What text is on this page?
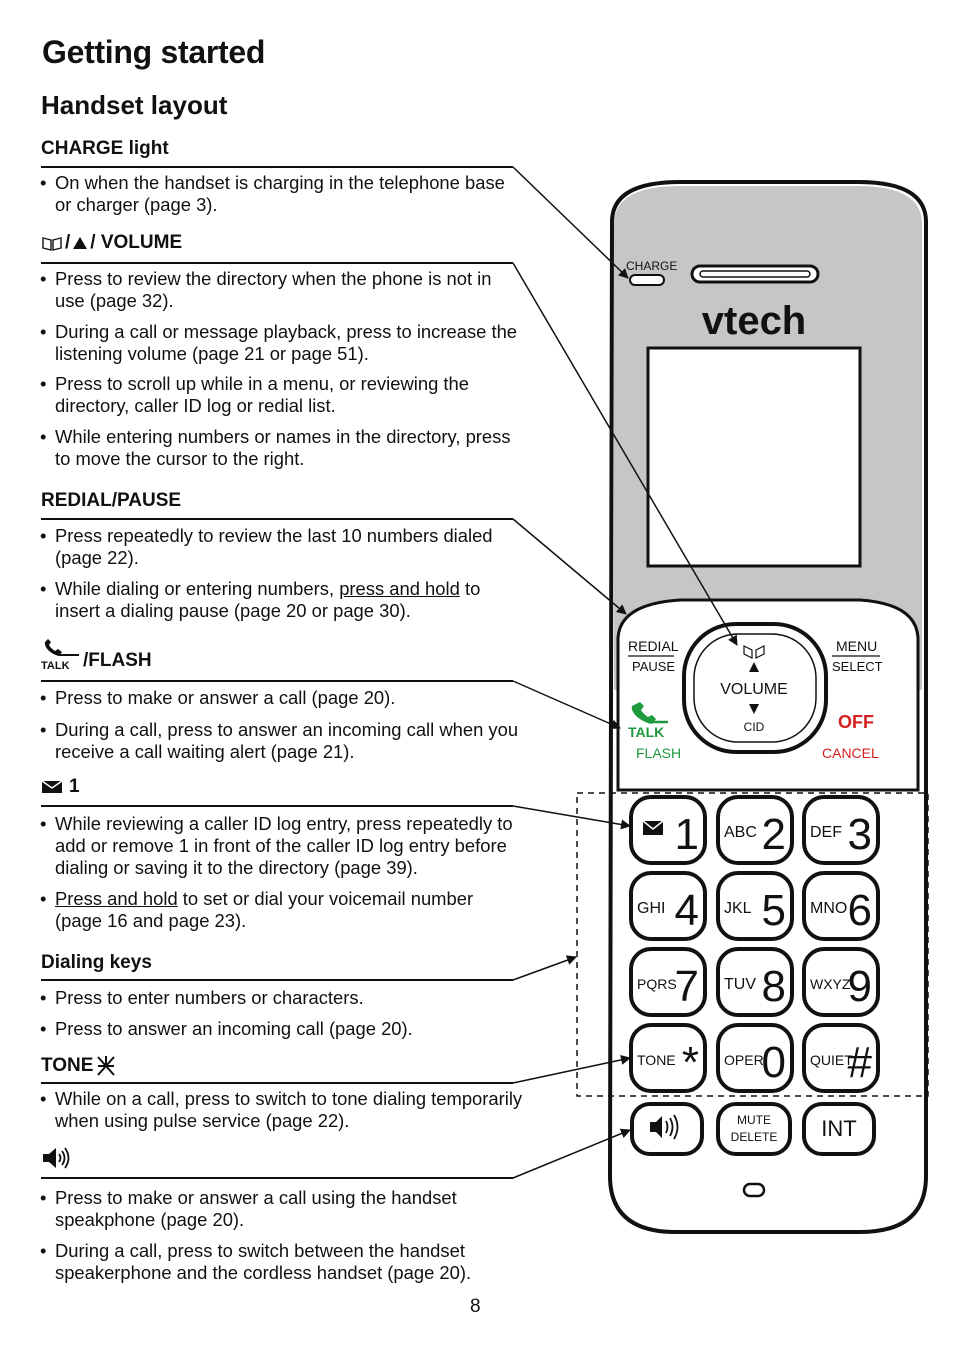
Getting started
Handset layout
CHARGE light
• On when the handset is charging in the telephone base or charger (page 3).
/ / VOLUME
• Press to review the directory when the phone is not in use (page 32).
• During a call or message playback, press to increase the listening volume (page 21 or page 51).
• Press to scroll up while in a menu, or reviewing the directory, caller ID log or redial list.
• While entering numbers or names in the directory, press to move the cursor to the right.
REDIAL/PAUSE
• Press repeatedly to review the last 10 numbers dialed (page 22).
• While dialing or entering numbers, press and hold to insert a dialing pause (page 20 or page 30).
TALK /FLASH
• Press to make or answer a call (page 20).
• During a call, press to answer an incoming call when you receive a call waiting alert (page 21).
1
• While reviewing a caller ID log entry, press repeatedly to add or remove 1 in front of the caller ID log entry before dialing or saving it to the directory (page 39).
• Press and hold to set or dial your voicemail number (page 16 and page 23).
Dialing keys
• Press to enter numbers or characters.
• Press to answer an incoming call (page 20).
TONE
• While on a call, press to switch to tone dialing temporarily when using pulse service (page 22).
• Press to make or answer a call using the handset speakphone (page 20).
• During a call, press to switch between the handset speakerphone and the cordless handset (page 20).
8
CHARGE
vtech
REDIAL
PAUSE
MENU
SELECT
VOLUME
CID
TALK
FLASH
OFF
CANCEL
1 ABC 2 DEF 3
GHI 4 JKL 5 MNO 6
PQRS
7 TUV 8 WXYZ
9
TONE * OPER
0 QUIET
#
MUTE
DELETE INT
